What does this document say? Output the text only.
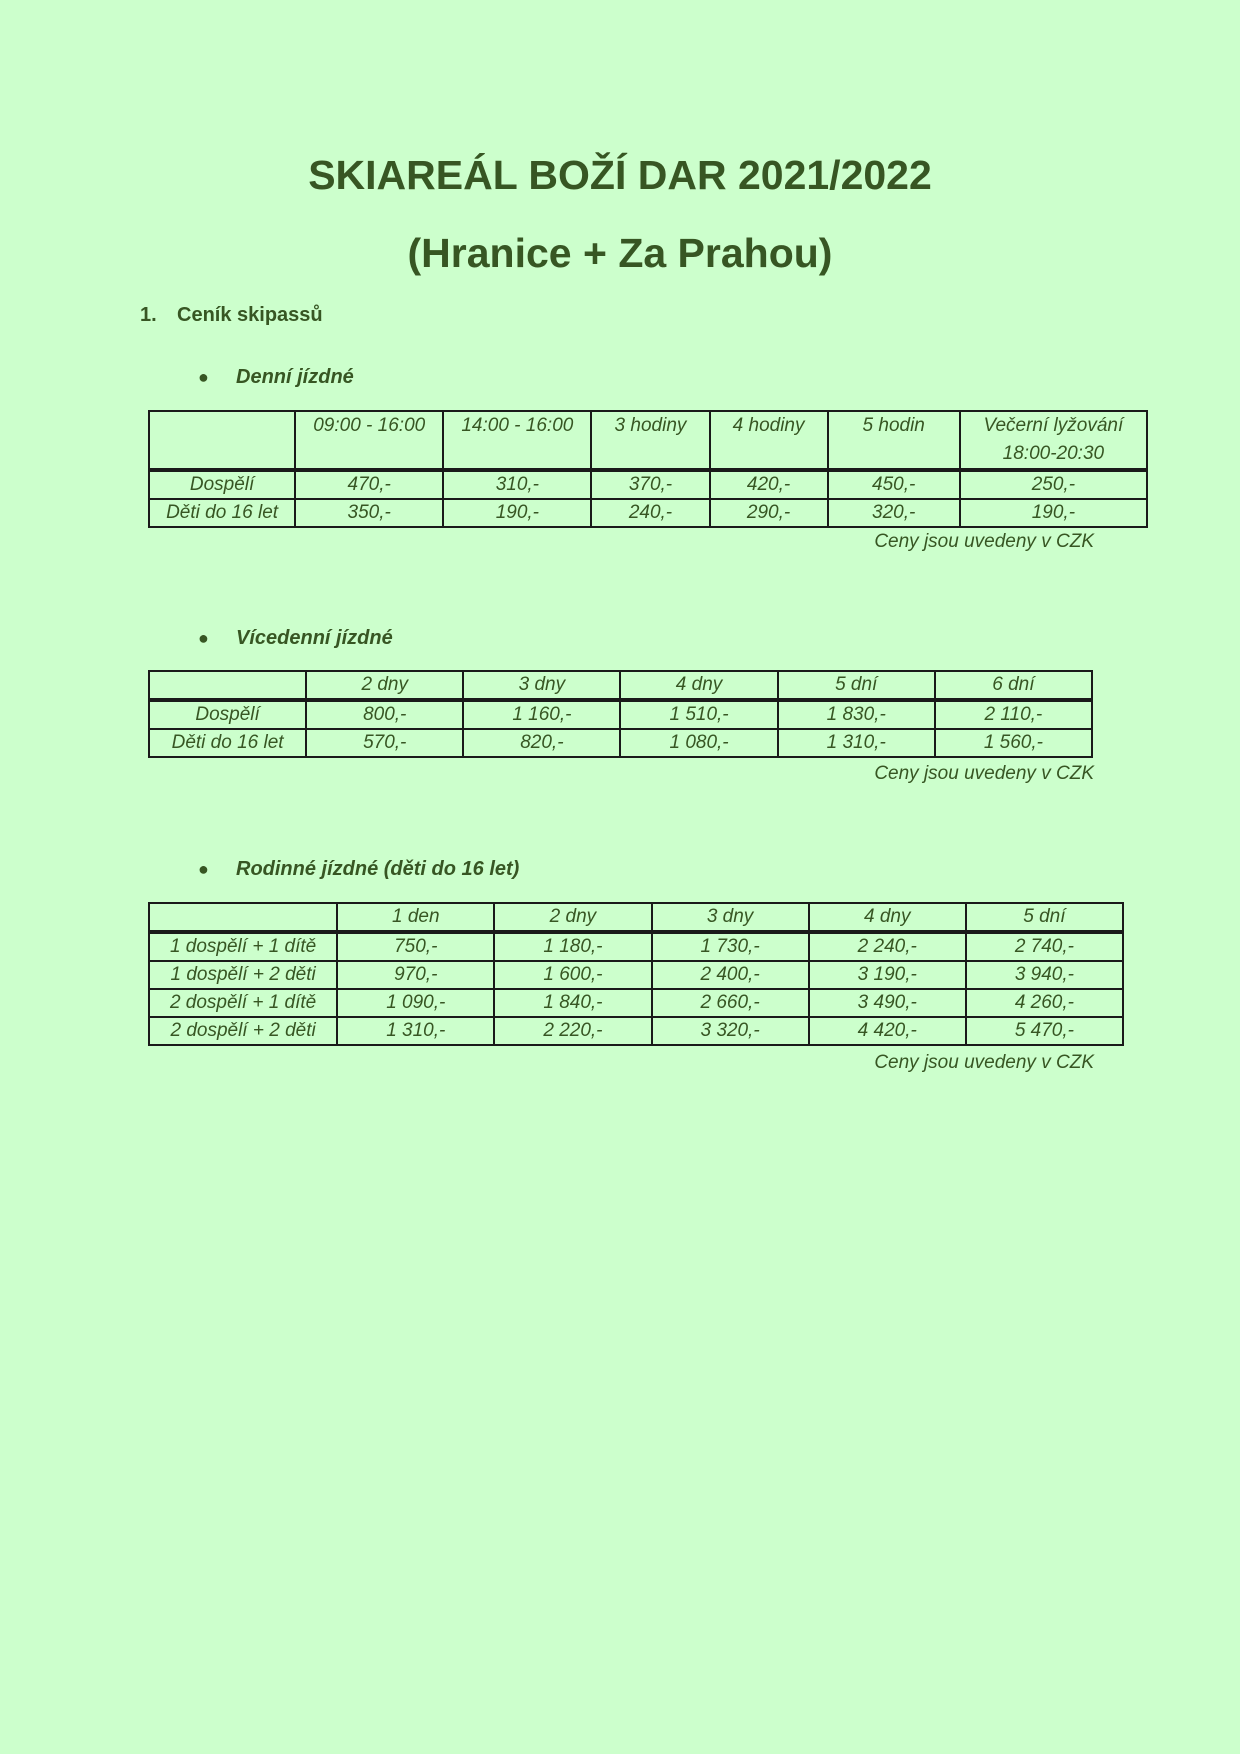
SKIAREÁL BOŽÍ DAR 2021/2022
(Hranice + Za Prahou)
1. Ceník skipassů
● Denní jízdné
	09:00 - 16:00	14:00 - 16:00	3 hodiny	4 hodiny	5 hodin	Večerní lyžování 18:00-20:30
Dospělí	470,-	310,-	370,-	420,-	450,-	250,-
Děti do 16 let	350,-	190,-	240,-	290,-	320,-	190,-
Ceny jsou uvedeny v CZK
● Vícedenní jízdné
	2 dny	3 dny	4 dny	5 dní	6 dní
Dospělí	800,-	1 160,-	1 510,-	1 830,-	2 110,-
Děti do 16 let	570,-	820,-	1 080,-	1 310,-	1 560,-
Ceny jsou uvedeny v CZK
● Rodinné jízdné (děti do 16 let)
	1 den	2 dny	3 dny	4 dny	5 dní
1 dospělí + 1 dítě	750,-	1 180,-	1 730,-	2 240,-	2 740,-
1 dospělí + 2 děti	970,-	1 600,-	2 400,-	3 190,-	3 940,-
2 dospělí + 1 dítě	1 090,-	1 840,-	2 660,-	3 490,-	4 260,-
2 dospělí + 2 děti	1 310,-	2 220,-	3 320,-	4 420,-	5 470,-
Ceny jsou uvedeny v CZK
